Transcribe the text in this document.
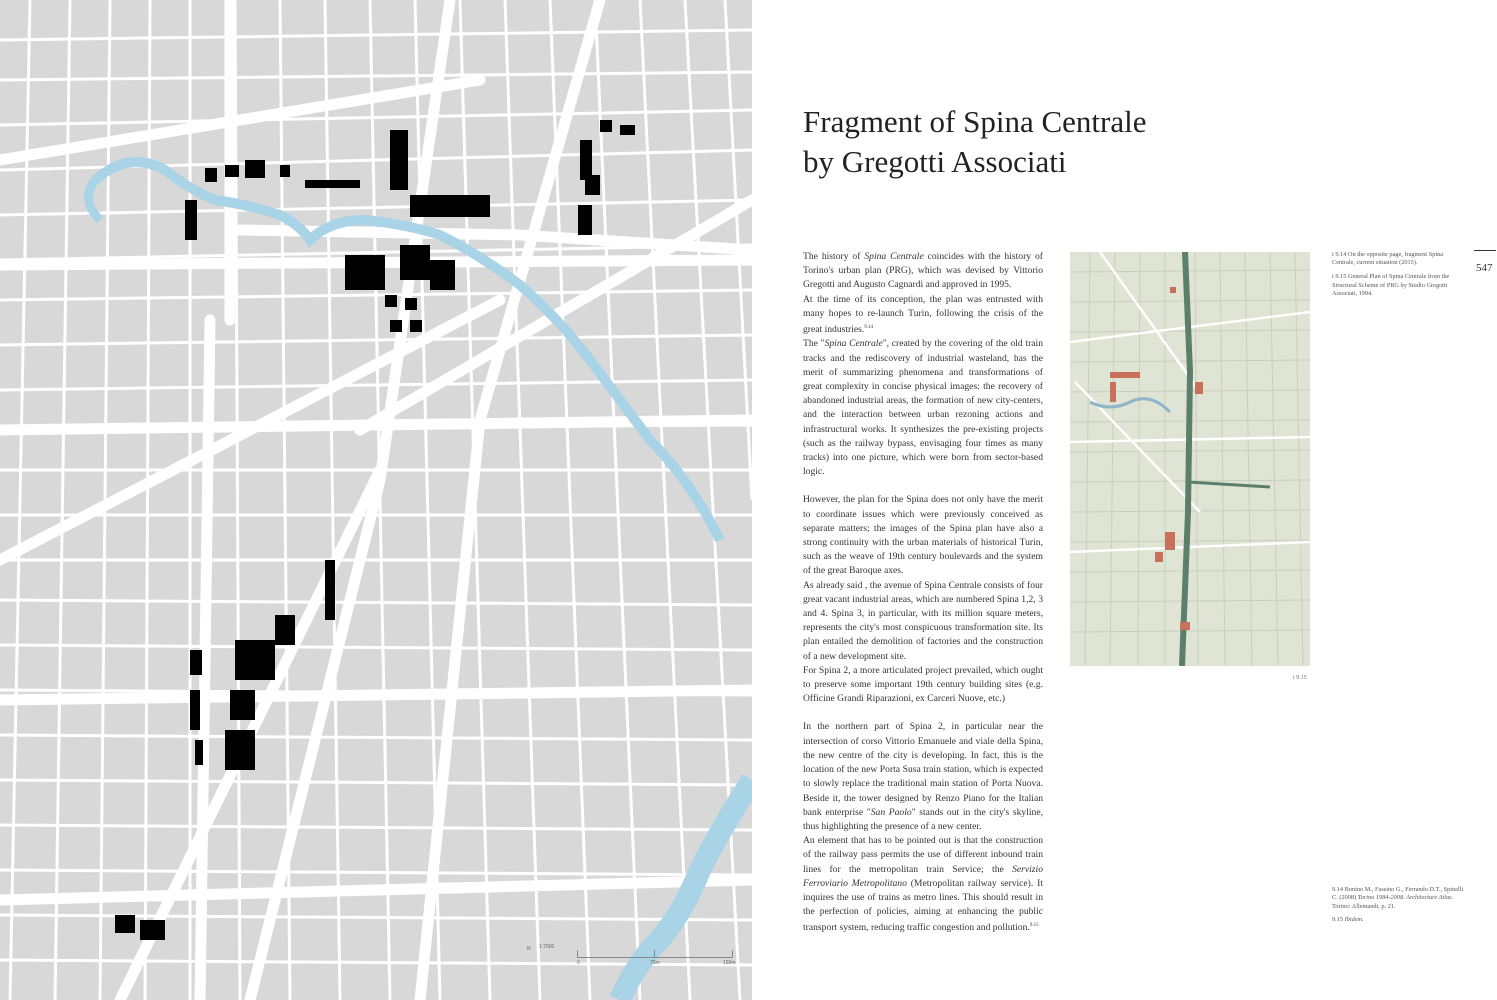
N 1:7500
0	75m	150m
Fragment of Spina Centrale
by Gregotti Associati

The history of Spina Centrale coincides with the history of Torino's urban plan (PRG), which was devised by Vittorio Gregotti and Augusto Cagnardi and approved in 1995.

At the time of its conception, the plan was entrusted with many hopes to re-launch Turin, following the crisis of the great industries.$^{9.14}$

The "Spina Centrale", created by the covering of the old train tracks and the rediscovery of industrial wasteland, has the merit of summarizing phenomena and transformations of great complexity in concise physical images: the recovery of abandoned industrial areas, the formation of new city-centers, and the interaction between urban rezoning actions and infrastructural works. It synthesizes the pre-existing projects (such as the railway bypass, envisaging four times as many tracks) into one picture, which were born from sector-based logic.

However, the plan for the Spina does not only have the merit to coordinate issues which were previously conceived as separate matters; the images of the Spina plan have also a strong continuity with the urban materials of historical Turin, such as the weave of 19th century boulevards and the system of the great Baroque axes.

As already said , the avenue of Spina Centrale consists of four great vacant industrial areas, which are numbered Spina 1,2, 3 and 4. Spina 3, in particular, with its million square meters, represents the city's most conspicuous transformation site. Its plan entailed the demolition of factories and the construction of a new development site.

For Spina 2, a more articulated project prevailed, which ought to preserve some important 19th century building sites (e.g. Officine Grandi Riparazioni, ex Carceri Nuove, etc.)

In the northern part of Spina 2, in particular near the intersection of corso Vittorio Emanuele and viale della Spina, the new centre of the city is developing. In fact, this is the location of the new Porta Susa train station, which is expected to slowly replace the traditional main station of Porta Nuova. Beside it, the tower designed by Renzo Piano for the Italian bank enterprise "San Paolo" stands out in the city's skyline, thus highlighting the presence of a new center.

An element that has to be pointed out is that the construction of the railway pass permits the use of different inbound train lines for the metropolitan train Service; the Servizio Ferroviario Metropolitano (Metropolitan railway service). It inquires the use of trains as metro lines. This should result in the perfection of policies, aiming at enhancing the public transport system, reducing traffic congestion and pollution.$^{9.15}$

i 9.15

i 9.14 On the opposite page, fragment Spina Centrale, current situation (2015).

i 9.15 General Plan of Spina Centrale from the Structural Scheme of PRG by Studio Gregotti Associati, 1994.

547

9.14 Bonino M., Fassino G., Ferrando D.T., Spinelli C. (2008) Torino 1984-2008. Architecture Atlas. Torino: Allemandi, p. 21.

9.15 Ibidem.
